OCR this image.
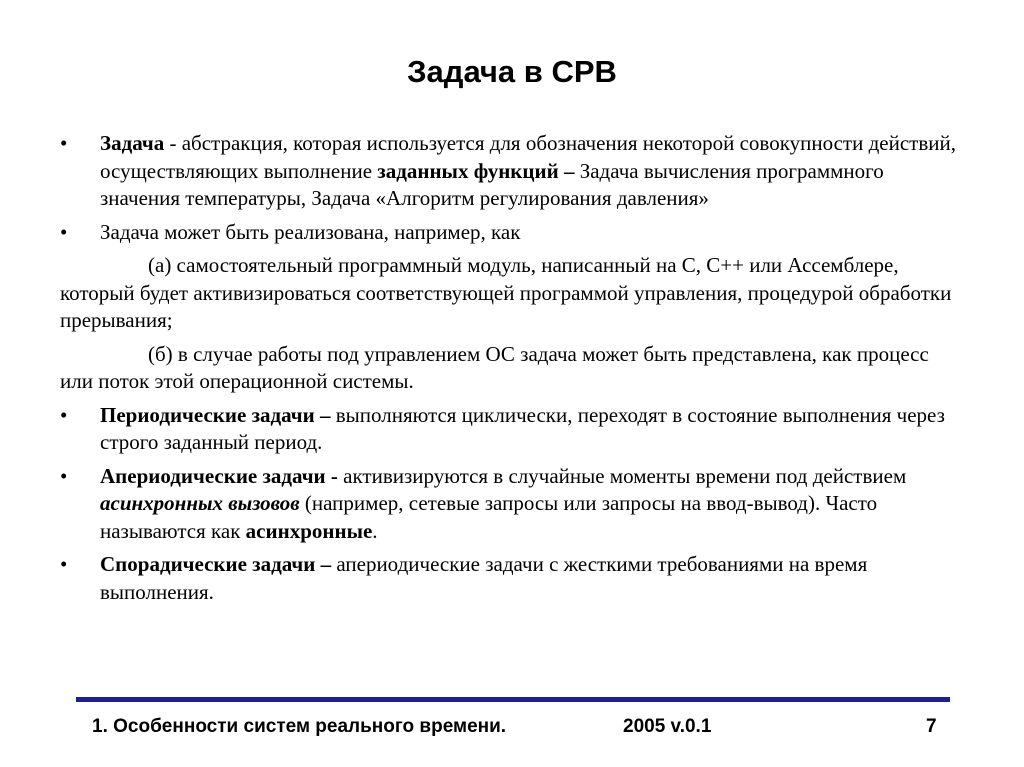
Задача в СРВ
• Задача - абстракция, которая используется для обозначения некоторой совокупности действий, осуществляющих выполнение заданных функций – Задача вычисления программного значения температуры, Задача «Алгоритм регулирования давления»
• Задача может быть реализована, например, как
(а) самостоятельный программный модуль, написанный на C, C++ или Ассемблере, который будет активизироваться соответствующей программой управления, процедурой обработки прерывания;
(б) в случае работы под управлением ОС задача может быть представлена, как процесс или поток этой операционной системы.
• Периодические задачи – выполняются циклически, переходят в состояние выполнения через строго заданный период.
• Апериодические задачи - активизируются в случайные моменты времени под действием асинхронных вызовов (например, сетевые запросы или запросы на ввод-вывод). Часто называются как асинхронные.
• Спорадические задачи – апериодические задачи с жесткими требованиями на время выполнения.
1. Особенности систем реального времени.	2005 v.0.1	7
